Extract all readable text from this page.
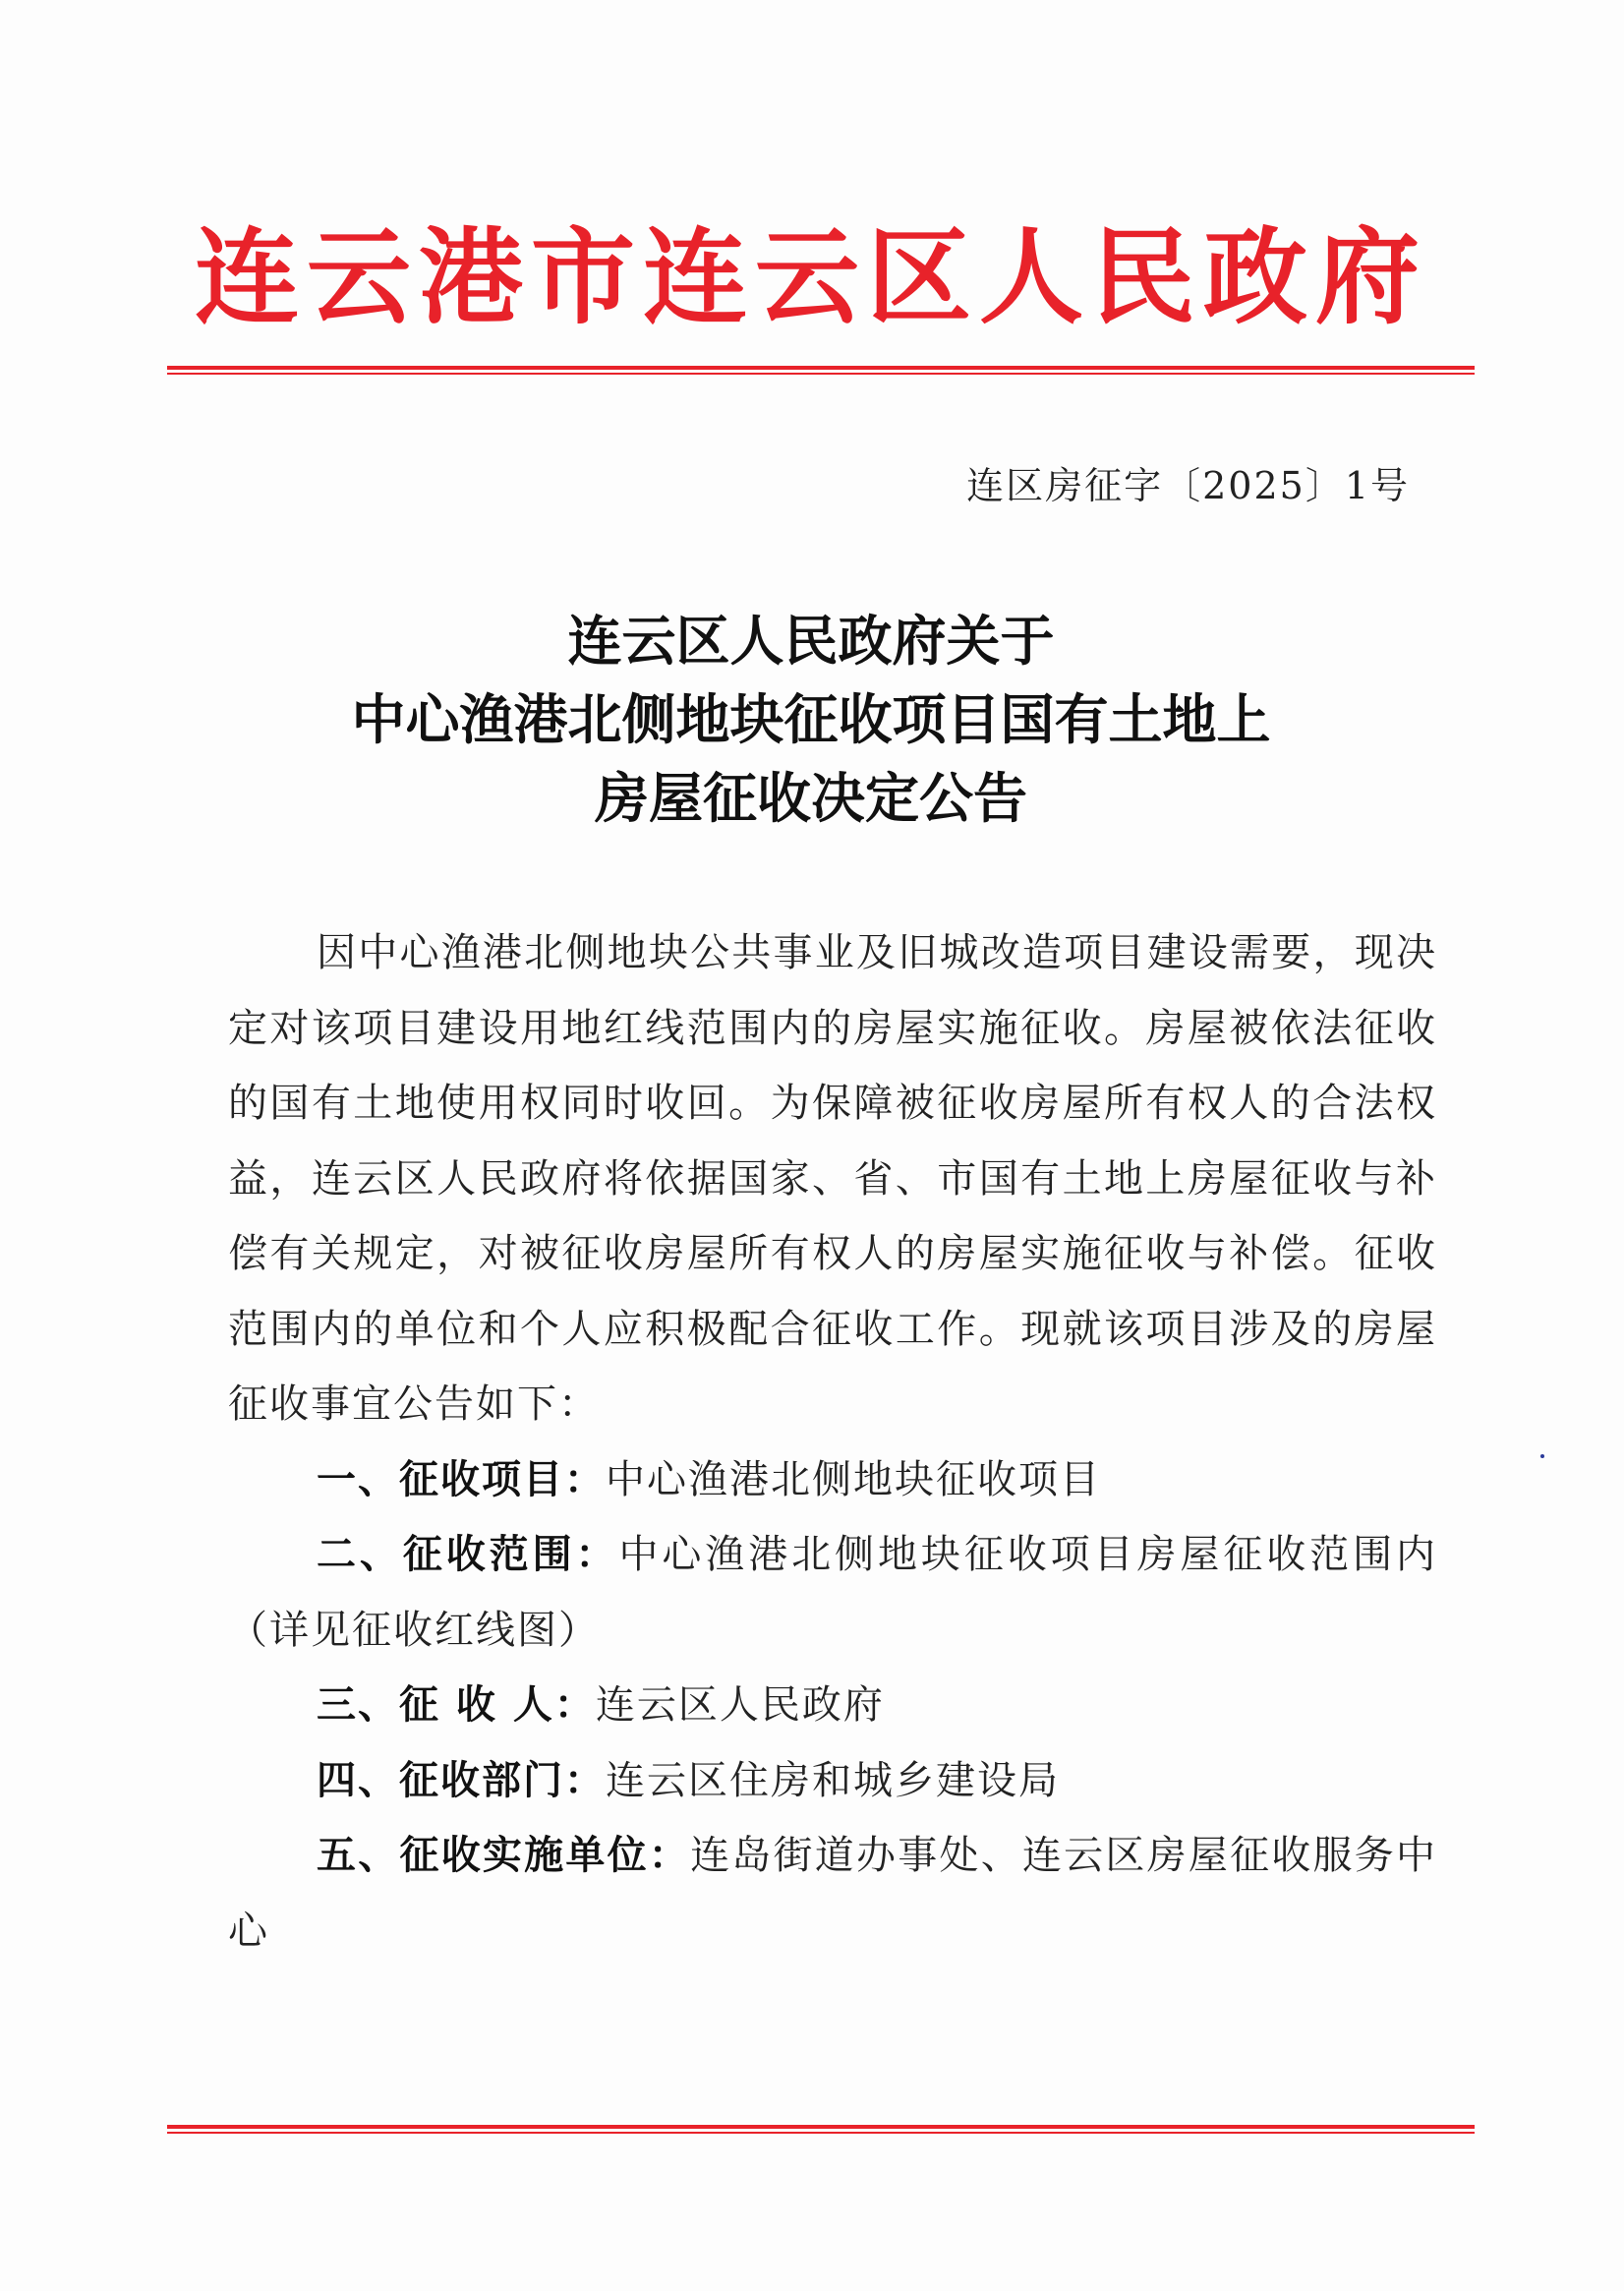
连云港市连云区人民政府
连区房征字〔2025〕1号
连云区人民政府关于
中心渔港北侧地块征收项目国有土地上
房屋征收决定公告

因中心渔港北侧地块公共事业及旧城改造项目建设需要，现决定对该项目建设用地红线范围内的房屋实施征收。房屋被依法征收的国有土地使用权同时收回。为保障被征收房屋所有权人的合法权益，连云区人民政府将依据国家、省、市国有土地上房屋征收与补偿有关规定，对被征收房屋所有权人的房屋实施征收与补偿。征收范围内的单位和个人应积极配合征收工作。现就该项目涉及的房屋征收事宜公告如下：

一、征收项目：中心渔港北侧地块征收项目

二、征收范围：中心渔港北侧地块征收项目房屋征收范围内（详见征收红线图）

三、征 收 人：连云区人民政府

四、征收部门：连云区住房和城乡建设局

五、征收实施单位：连岛街道办事处、连云区房屋征收服务中心
